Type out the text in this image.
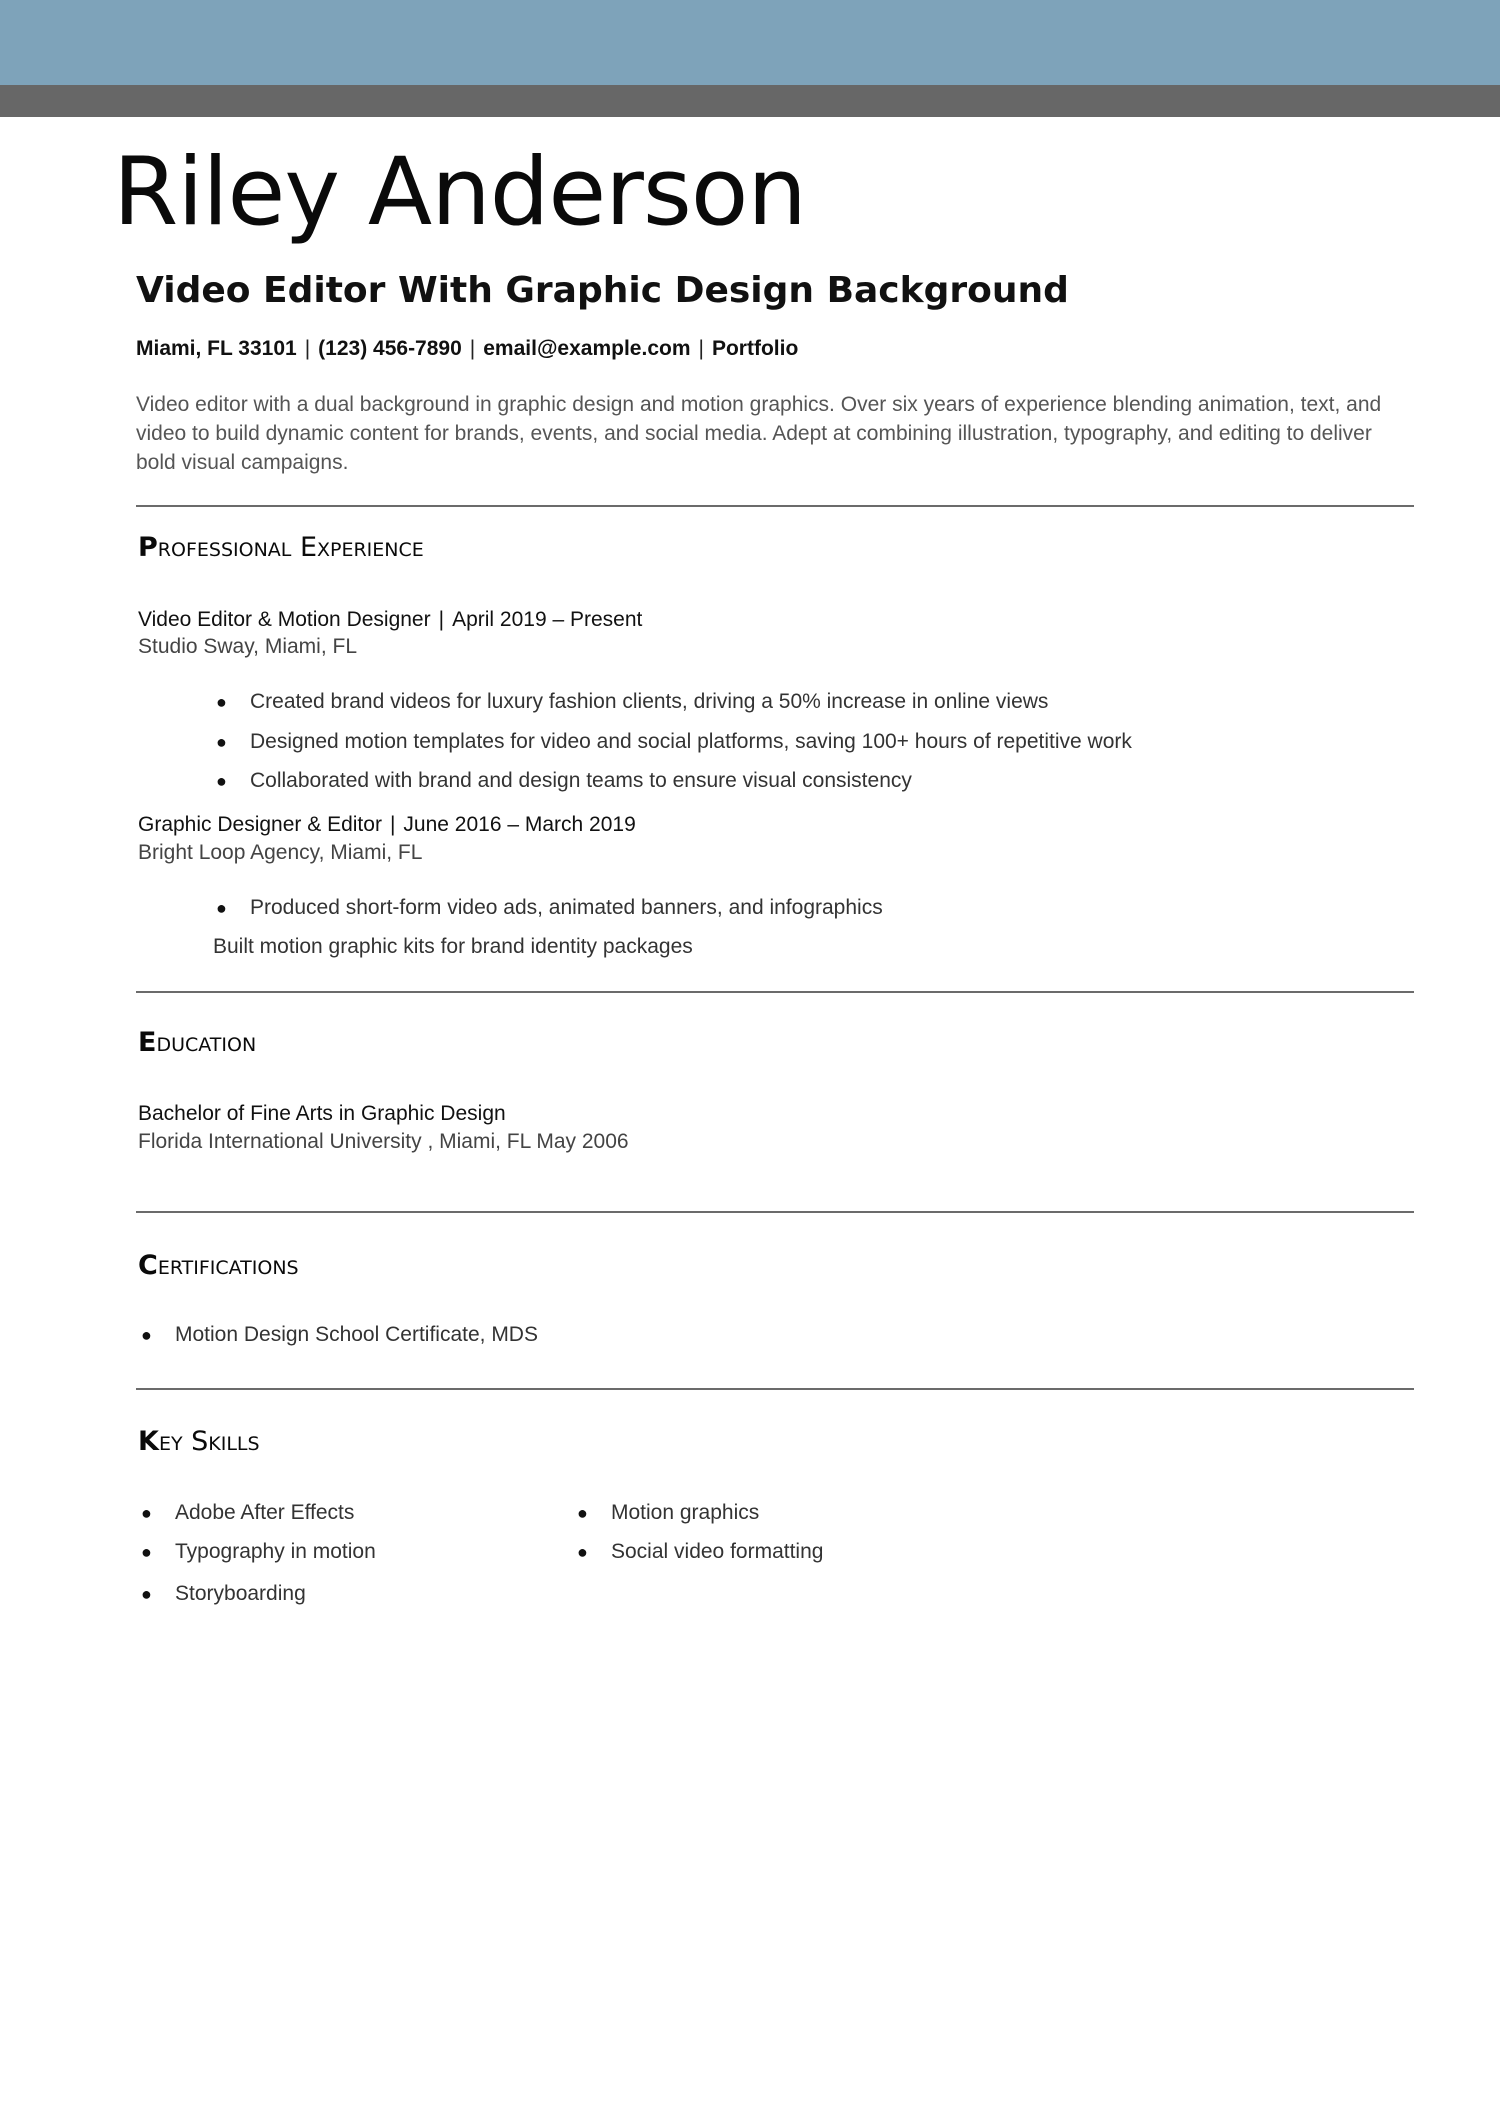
Riley Anderson
Video Editor With Graphic Design Background
Miami, FL 33101 | (123) 456-7890 | email@example.com | Portfolio

Video editor with a dual background in graphic design and motion graphics. Over six years of experience blending animation, text, and video to build dynamic content for brands, events, and social media. Adept at combining illustration, typography, and editing to deliver bold visual campaigns.

Professional Experience
Video Editor & Motion Designer | April 2019 – Present
Studio Sway, Miami, FL
● Created brand videos for luxury fashion clients, driving a 50% increase in online views
● Designed motion templates for video and social platforms, saving 100+ hours of repetitive work
● Collaborated with brand and design teams to ensure visual consistency
Graphic Designer & Editor | June 2016 – March 2019
Bright Loop Agency, Miami, FL
● Produced short-form video ads, animated banners, and infographics
Built motion graphic kits for brand identity packages
Education
Bachelor of Fine Arts in Graphic Design
Florida International University , Miami, FL May 2006
Certifications
● Motion Design School Certificate, MDS
Key Skills
● Adobe After Effects	● Motion graphics
● Typography in motion	● Social video formatting
● Storyboarding
